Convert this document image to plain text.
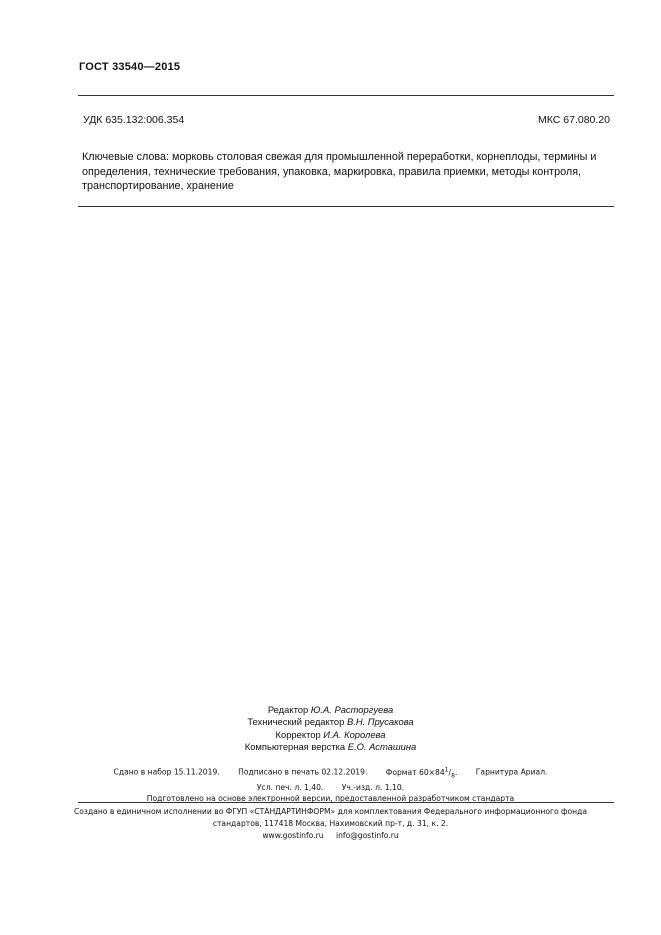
ГОСТ 33540—2015
УДК 635.132:006.354	МКС 67.080.20
Ключевые слова: морковь столовая свежая для промышленной переработки, корнеплоды, термины и определения, технические требования, упаковка, маркировка, правила приемки, методы контроля, транспортирование, хранение
Редактор Ю.А. Расторгуева
Технический редактор В.Н. Прусакова
Корректор И.А. Королева
Компьютерная верстка Е.О. Асташина
Сдано в набор 15.11.2019. Подписано в печать 02.12.2019. Формат $60\times 84^1/_8$. Гарнитура Ариал.
Усл. печ. л. 1,40. Уч.-изд. л. 1,10.
Подготовлено на основе электронной версии, предоставленной разработчиком стандарта
Создано в единичном исполнении во ФГУП «СТАНДАРТИНФОРМ» для комплектования Федерального информационного фонда
стандартов, 117418 Москва, Нахимовский пр-т, д. 31, к. 2.
www.gostinfo.ru info@gostinfo.ru
